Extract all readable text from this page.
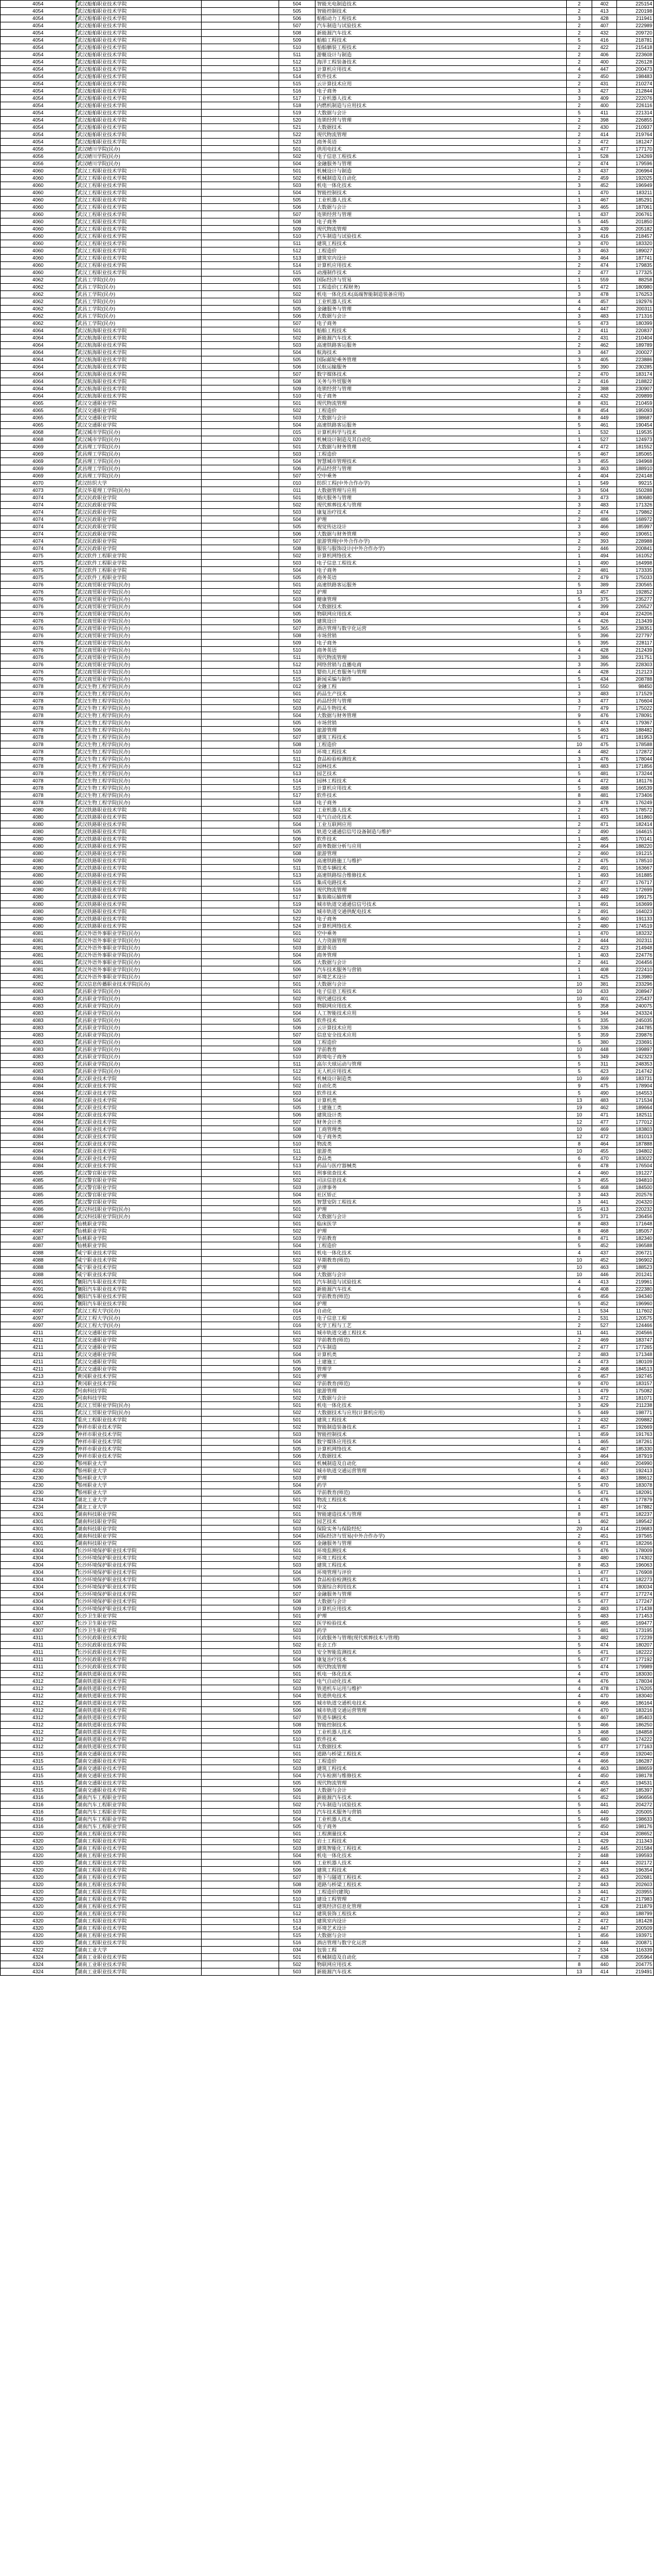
4054	武汉船舶职业技术学院		504	智能光电制造技术	2	402	225154
4054	武汉船舶职业技术学院		505	智能控制技术	2	413	220198
4054	武汉船舶职业技术学院		506	船舶动力工程技术	3	428	211941
4054	武汉船舶职业技术学院		507	汽车制造与试验技术	2	407	222989
4054	武汉船舶职业技术学院		508	新能源汽车技术	2	432	209720
4054	武汉船舶职业技术学院		509	船舶工程技术	5	416	218781
4054	武汉船舶职业技术学院		510	船舶舾装工程技术	2	422	215418
4054	武汉船舶职业技术学院		511	游艇设计与制造	2	406	223608
4054	武汉船舶职业技术学院		512	海洋工程装备技术	2	400	226128
4054	武汉船舶职业技术学院		513	计算机应用技术	4	447	200473
4054	武汉船舶职业技术学院		514	软件技术	2	450	198483
4054	武汉船舶职业技术学院		515	云计算技术应用	2	431	210274
4054	武汉船舶职业技术学院		516	电子商务	3	427	212844
4054	武汉船舶职业技术学院		517	工业机器人技术	3	409	222076
4054	武汉船舶职业技术学院		518	内燃机制造与应用技术	2	400	226116
4054	武汉船舶职业技术学院		519	大数据与会计	5	411	221314
4054	武汉船舶职业技术学院		520	连锁经营与管理	2	398	226855
4054	武汉船舶职业技术学院		521	大数据技术	2	430	210937
4054	武汉船舶职业技术学院		522	现代物流管理	2	414	219764
4054	武汉船舶职业技术学院		523	商务英语	2	472	181247
4056	武汉晴川学院(民办)		501	供用电技术	3	477	177170
4056	武汉晴川学院(民办)		502	电子信息工程技术	1	528	124269
4056	武汉晴川学院(民办)		504	金融服务与管理	2	474	179596
4060	武汉工程职业技术学院		501	机械设计与制造	3	437	206964
4060	武汉工程职业技术学院		502	机械制造及自动化	2	459	192025
4060	武汉工程职业技术学院		503	机电一体化技术	3	452	196949
4060	武汉工程职业技术学院		504	智能控制技术	1	470	183211
4060	武汉工程职业技术学院		505	工业机器人技术	1	467	185291
4060	武汉工程职业技术学院		506	大数据与会计	3	465	187061
4060	武汉工程职业技术学院		507	连锁经营与管理	1	437	206761
4060	武汉工程职业技术学院		508	电子商务	5	445	201850
4060	武汉工程职业技术学院		509	现代物流管理	3	439	205182
4060	武汉工程职业技术学院		510	汽车制造与试验技术	3	416	218457
4060	武汉工程职业技术学院		511	建筑工程技术	3	470	183320
4060	武汉工程职业技术学院		512	工程造价	3	463	189027
4060	武汉工程职业技术学院		513	建筑室内设计	3	464	187741
4060	武汉工程职业技术学院		514	计算机应用技术	2	474	179835
4060	武汉工程职业技术学院		515	动漫制作技术	2	477	177325
4062	武昌工学院(民办)		005	国际经济与贸易	1	559	88258
4062	武昌工学院(民办)		501	工程造价(工程财务)	5	472	180980
4062	武昌工学院(民办)		502	机电一体化技术(高端智能制造装备应用)	3	478	176253
4062	武昌工学院(民办)		503	工业机器人技术	4	457	192976
4062	武昌工学院(民办)		505	金融服务与管理	4	447	200311
4062	武昌工学院(民办)		506	大数据与会计	3	483	171316
4062	武昌工学院(民办)		507	电子商务	5	473	180399
4064	武汉航海职业技术学院		501	船舶工程技术	2	411	220837
4064	武汉航海职业技术学院		502	新能源汽车技术	2	431	210404
4064	武汉航海职业技术学院		503	高速铁路客运服务	2	462	189789
4064	武汉航海职业技术学院		504	航海技术	3	447	200027
4064	武汉航海职业技术学院		505	国际邮轮乘务管理	3	405	223886
4064	武汉航海职业技术学院		506	民航运输服务	5	390	230285
4064	武汉航海职业技术学院		507	数字媒体技术	2	470	183174
4064	武汉航海职业技术学院		508	关务与外贸服务	2	416	218822
4064	武汉航海职业技术学院		509	连锁经营与管理	2	388	230907
4064	武汉航海职业技术学院		510	电子商务	2	432	209899
4065	武汉交通职业学院		501	现代物流管理	8	431	210459
4065	武汉交通职业学院		502	工程造价	8	454	195093
4065	武汉交通职业学院		503	大数据与会计	8	449	198687
4065	武汉交通职业学院		504	高速铁路客运服务	5	461	190454
4068	武汉城市学院(民办)		015	计算机科学与技术	1	532	119535
4068	武汉城市学院(民办)		020	机械设计制造及其自动化	1	527	124973
4069	武昌理工学院(民办)		501	大数据与财务管理	4	472	181552
4069	武昌理工学院(民办)		503	工程造价	5	467	185065
4069	武昌理工学院(民办)		504	智慧城市管理技术	3	455	194968
4069	武昌理工学院(民办)		506	药品经营与管理	3	463	188910
4069	武昌理工学院(民办)		507	空中乘务	4	404	224148
4070	武汉纺织大学		010	纺织工程(中外合作办学)	1	549	99215
4073	武汉华夏理工学院(民办)		011	大数据管理与应用	3	504	150288
4074	武汉民政职业学院		501	婚庆服务与管理	3	473	180680
4074	武汉民政职业学院		502	现代殡葬技术与管理	3	483	171326
4074	武汉民政职业学院		503	康复治疗技术	2	474	179862
4074	武汉民政职业学院		504	护理	2	486	168972
4074	武汉民政职业学院		505	视觉传达设计	3	466	185997
4074	武汉民政职业学院		506	大数据与财务管理	3	460	190651
4074	武汉民政职业学院		507	旅游管理(中外合作办学)	2	393	228988
4074	武汉民政职业学院		508	服装与服饰设计(中外合作办学)	2	446	200841
4075	武汉软件工程职业学院		502	计算机网络技术	1	494	161052
4075	武汉软件工程职业学院		503	电子信息工程技术	1	490	164998
4075	武汉软件工程职业学院		504	电子商务	2	481	173335
4075	武汉软件工程职业学院		505	商务英语	2	479	175033
4076	武汉商贸职业学院(民办)		501	高速铁路客运服务	5	389	230565
4076	武汉商贸职业学院(民办)		502	护理	13	457	192852
4076	武汉商贸职业学院(民办)		503	健康管理	5	375	235277
4076	武汉商贸职业学院(民办)		504	大数据技术	4	399	226527
4076	武汉商贸职业学院(民办)		505	物联网应用技术	3	404	224206
4076	武汉商贸职业学院(民办)		506	建筑设计	4	426	213439
4076	武汉商贸职业学院(民办)		507	酒店管理与数字化运营	5	365	238351
4076	武汉商贸职业学院(民办)		508	市场营销	5	396	227797
4076	武汉商贸职业学院(民办)		509	电子商务	5	395	228117
4076	武汉商贸职业学院(民办)		510	商务英语	4	428	212439
4076	武汉商贸职业学院(民办)		511	现代物流管理	3	386	231751
4076	武汉商贸职业学院(民办)		512	网络营销与直播电商	3	395	228303
4076	武汉商贸职业学院(民办)		513	婴幼儿托育服务与管理	4	428	212123
4076	武汉商贸职业学院(民办)		515	新闻采编与制作	5	434	208788
4078	武汉生物工程学院(民办)		012	金融工程	1	550	98450
4078	武汉生物工程学院(民办)		501	药品生产技术	3	483	171529
4078	武汉生物工程学院(民办)		502	药品经营与管理	3	477	176604
4078	武汉生物工程学院(民办)		503	药品生物技术	7	479	175022
4078	武汉生物工程学院(民办)		504	大数据与财务管理	9	476	178091
4078	武汉生物工程学院(民办)		505	市场营销	5	474	179367
4078	武汉生物工程学院(民办)		506	旅游管理	5	463	188482
4078	武汉生物工程学院(民办)		507	建筑工程技术	5	471	181953
4078	武汉生物工程学院(民办)		508	工程造价	10	475	178588
4078	武汉生物工程学院(民办)		510	环境工程技术	4	482	172872
4078	武汉生物工程学院(民办)		511	食品检验检测技术	3	476	178044
4078	武汉生物工程学院(民办)		512	园林技术	1	483	171856
4078	武汉生物工程学院(民办)		513	园艺技术	5	481	173244
4078	武汉生物工程学院(民办)		514	园林工程技术	4	472	181176
4078	武汉生物工程学院(民办)		515	计算机应用技术	5	488	166539
4078	武汉生物工程学院(民办)		517	软件技术	8	481	173406
4078	武汉生物工程学院(民办)		518	电子商务	3	478	176249
4080	武汉铁路职业技术学院		502	工业机器人技术	2	475	178572
4080	武汉铁路职业技术学院		503	电气自动化技术	1	493	161860
4080	武汉铁路职业技术学院		504	工业互联网应用	2	471	182414
4080	武汉铁路职业技术学院		505	轨道交通通信信号设备制造与维护	2	490	164615
4080	武汉铁路职业技术学院		506	软件技术	1	485	170141
4080	武汉铁路职业技术学院		507	商务数据分析与应用	2	464	188220
4080	武汉铁路职业技术学院		508	旅游管理	2	460	191215
4080	武汉铁路职业技术学院		509	高速铁路施工与维护	2	475	178510
4080	武汉铁路职业技术学院		511	铁道车辆技术	2	491	163667
4080	武汉铁路职业技术学院		513	高速铁路综合维修技术	1	493	161885
4080	武汉铁路职业技术学院		515	集成电路技术	2	477	176717
4080	武汉铁路职业技术学院		516	现代物流管理	2	482	172699
4080	武汉铁路职业技术学院		517	集装箱运输管理	3	449	199175
4080	武汉铁路职业技术学院		519	城市轨道交通通信信号技术	1	491	163699
4080	武汉铁路职业技术学院		520	城市轨道交通供配电技术	2	491	164023
4080	武汉铁路职业技术学院		522	电子商务	5	460	191133
4080	武汉铁路职业技术学院		524	计算机网络技术	2	480	174519
4081	武汉外语外事职业学院(民办)		501	空中乘务	1	470	183232
4081	武汉外语外事职业学院(民办)		502	人力资源管理	2	444	202311
4081	武汉外语外事职业学院(民办)		503	旅游英语	2	423	214948
4081	武汉外语外事职业学院(民办)		504	商务管理	1	403	224776
4081	武汉外语外事职业学院(民办)		505	大数据与会计	2	441	204456
4081	武汉外语外事职业学院(民办)		506	汽车技术服务与营销	1	408	222410
4081	武汉外语外事职业学院(民办)		507	环境艺术设计	1	425	213980
4082	武汉信息传播职业技术学院(民办)		501	大数据与会计	10	381	233296
4083	武昌职业学院(民办)		501	电子信息工程技术	10	433	208947
4083	武昌职业学院(民办)		502	现代通信技术	10	401	225437
4083	武昌职业学院(民办)		503	物联网应用技术	5	358	240075
4083	武昌职业学院(民办)		504	人工智能技术应用	5	344	243324
4083	武昌职业学院(民办)		505	软件技术	5	335	245035
4083	武昌职业学院(民办)		506	云计算技术应用	5	336	244785
4083	武昌职业学院(民办)		507	信息安全技术应用	5	359	239876
4083	武昌职业学院(民办)		508	工程造价	5	380	233691
4083	武昌职业学院(民办)		509	学前教育	10	448	199897
4083	武昌职业学院(民办)		510	跨境电子商务	5	349	242323
4083	武昌职业学院(民办)		511	高尔夫球运动与管理	5	311	248353
4083	武昌职业学院(民办)		512	无人机应用技术	5	423	214742
4084	武汉职业技术学院		501	机械设计制造类	10	469	183731
4084	武汉职业技术学院		502	自动化类	9	475	178904
4084	武汉职业技术学院		503	软件技术	5	490	164553
4084	武汉职业技术学院		504	计算机类	13	483	171534
4084	武汉职业技术学院		505	土建施工类	19	462	189664
4084	武汉职业技术学院		506	建筑设计类	10	471	182511
4084	武汉职业技术学院		507	财务会计类	12	477	177012
4084	武汉职业技术学院		508	工商管理类	10	469	183803
4084	武汉职业技术学院		509	电子商务类	12	472	181013
4084	武汉职业技术学院		510	物流类	8	464	187888
4084	武汉职业技术学院		511	旅游类	10	455	194802
4084	武汉职业技术学院		512	食品类	6	470	183022
4084	武汉职业技术学院		513	药品与医疗器械类	6	478	176504
4085	武汉警官职业学院		501	刑事侦查技术	4	460	191227
4085	武汉警官职业学院		502	司法信息技术	3	455	194810
4085	武汉警官职业学院		503	法律事务	5	468	184500
4085	武汉警官职业学院		504	社区矫正	3	443	202576
4085	武汉警官职业学院		505	智慧安防工程技术	3	441	204320
4086	武汉科技职业学院(民办)		501	护理	15	413	220232
4086	武汉科技职业学院(民办)		502	大数据与会计	5	371	236456
4087	仙桃职业学院		501	临床医学	8	483	171648
4087	仙桃职业学院		502	护理	8	468	185057
4087	仙桃职业学院		503	学前教育	8	471	182340
4087	仙桃职业学院		504	工程造价	5	452	196588
4088	咸宁职业技术学院		501	机电一体化技术	4	437	206721
4088	咸宁职业技术学院		502	早期教育(师范)	10	452	196902
4088	咸宁职业技术学院		503	护理	10	463	188523
4088	咸宁职业技术学院		504	大数据与会计	10	446	201241
4091	襄阳汽车职业技术学院		501	汽车制造与试验技术	4	413	219961
4091	襄阳汽车职业技术学院		502	新能源汽车技术	4	408	222380
4091	襄阳汽车职业技术学院		503	学前教育(师范)	6	456	194340
4091	襄阳汽车职业技术学院		504	护理	5	452	196960
4097	武汉工程大学(民办)		014	自动化	1	534	117602
4097	武汉工程大学(民办)		015	电子信息工程	2	531	120575
4097	武汉工程大学(民办)		016	化学工程与工艺	2	527	124466
4211	武汉交通职业学院		501	城市轨道交通工程技术	11	441	204566
4211	武汉交通职业学院		502	学前教育(师范)	2	469	183747
4211	武汉交通职业学院		503	汽车制造	2	477	177265
4211	武汉交通职业学院		504	计算机类	2	483	171348
4211	武汉交通职业学院		505	土建施工	4	473	180109
4211	武汉交通职业学院		506	管理学	2	468	184513
4213	黄冈职业技术学院		501	护理	6	457	192745
4213	黄冈职业技术学院		502	学前教育(师范)	9	470	183157
4220	河南科技学院		501	旅游管理	1	479	175082
4220	河南科技学院		502	大数据与会计	3	472	181071
4231	武汉工贸职业学院(民办)		501	机电一体化技术	3	429	211238
4231	武汉工贸职业学院(民办)		502	大数据技术与应用(计算机应用)	5	449	198771
4231	重庆工程职业技术学院		501	建筑工程技术	2	432	209882
4229	钟祥市职业技术学院		502	智能制造装备技术	1	457	192669
4229	钟祥市职业技术学院		503	智能控制技术	1	459	191763
4229	钟祥市职业技术学院		504	数字媒体应用技术	1	465	187261
4229	钟祥市职业技术学院		505	计算机网络技术	4	467	185330
4229	钟祥市职业技术学院		506	大数据技术	3	464	187919
4230	鄂州职业大学		501	机械制造及自动化	4	440	204990
4230	鄂州职业大学		502	城市轨道交通运营管理	5	457	192413
4230	鄂州职业大学		503	护理	4	463	188612
4230	鄂州职业大学		504	药学	5	470	183078
4230	鄂州职业大学		505	学前教育(师范)	5	471	182091
4234	湖北工业大学		501	物流工程技术	4	476	177879
4234	湖北工业大学		502	中文	1	487	167882
4301	湖南科技职业学院		501	智能建造技术与管理	8	471	182237
4301	湖南科技职业学院		502	园艺技术	1	462	189542
4301	湖南科技职业学院		503	保险实务与保险经纪	20	414	219683
4301	湖南科技职业学院		504	国际经济与贸易(中外合作办学)	2	451	197565
4301	湖南科技职业学院		505	金融服务与管理	6	471	182266
4304	长沙环境保护职业技术学院		501	环境监测技术	5	476	178009
4304	长沙环境保护职业技术学院		502	环境工程技术	3	480	174302
4304	长沙环境保护职业技术学院		503	建筑工程技术	8	453	196063
4304	长沙环境保护职业技术学院		504	环境管理与评价	1	477	176908
4304	长沙环境保护职业技术学院		505	食品检验检测技术	1	471	182273
4304	长沙环境保护职业技术学院		506	资源综合利用技术	1	474	180034
4304	长沙环境保护职业技术学院		507	金融服务与管理	5	477	177274
4304	长沙环境保护职业技术学院		508	大数据与会计	5	477	177247
4304	长沙环境保护职业技术学院		509	计算机应用技术	2	483	171438
4307	长沙卫生职业学院		501	护理	5	483	171453
4307	长沙卫生职业学院		502	医学检验技术	5	485	169477
4307	长沙卫生职业学院		503	药学	5	481	173195
4311	长沙民政职业技术学院		501	民政服务与管理(现代殡葬技术与管理)	3	482	172239
4311	长沙民政职业技术学院		502	社会工作	5	474	180207
4311	长沙民政职业技术学院		503	安全智能监测技术	5	471	182222
4311	长沙民政职业技术学院		504	康复治疗技术	5	477	177192
4311	长沙民政职业技术学院		505	现代物流管理	5	474	179989
4312	湖南铁道职业技术学院		501	机电一体化技术	4	470	183030
4312	湖南铁道职业技术学院		502	电气自动化技术	4	476	178034
4312	湖南铁道职业技术学院		503	铁道机车运用与维护	4	478	176205
4312	湖南铁道职业技术学院		504	铁道供电技术	4	470	183040
4312	湖南铁道职业技术学院		505	城市轨道交通机电技术	6	466	186164
4312	湖南铁道职业技术学院		506	城市轨道交通运营管理	4	470	183216
4312	湖南铁道职业技术学院		507	铁道车辆技术	6	467	185403
4312	湖南铁道职业技术学院		508	智能控制技术	5	466	186250
4312	湖南铁道职业技术学院		509	工业机器人技术	3	468	184858
4312	湖南铁道职业技术学院		510	软件技术	5	480	174222
4312	湖南铁道职业技术学院		511	大数据技术	5	477	177163
4315	湖南交通职业技术学院		501	道路与桥梁工程技术	4	459	192040
4315	湖南交通职业技术学院		502	工程造价	4	466	186287
4315	湖南交通职业技术学院		503	建筑工程技术	4	463	188659
4315	湖南交通职业技术学院		504	汽车检测与维修技术	4	450	198178
4315	湖南交通职业技术学院		505	现代物流管理	4	455	194531
4315	湖南交通职业技术学院		506	大数据与会计	4	467	185397
4316	湖南汽车工程职业学院		501	新能源汽车技术	5	452	196656
4316	湖南汽车工程职业学院		502	汽车制造与试验技术	5	441	204272
4316	湖南汽车工程职业学院		503	汽车技术服务与营销	5	440	205005
4316	湖南汽车工程职业学院		504	工业机器人技术	5	449	198633
4316	湖南汽车工程职业学院		505	电子商务	5	450	198176
4320	湖南工程职业技术学院		501	工程测量技术	2	434	208652
4320	湖南工程职业技术学院		502	岩土工程技术	1	429	211343
4320	湖南工程职业技术学院		503	建筑智能化工程技术	2	445	201584
4320	湖南工程职业技术学院		504	机电一体化技术	2	448	199593
4320	湖南工程职业技术学院		505	工业机器人技术	2	444	202172
4320	湖南工程职业技术学院		506	建筑工程技术	3	453	196354
4320	湖南工程职业技术学院		507	地下与隧道工程技术	2	443	202681
4320	湖南工程职业技术学院		508	道路与桥梁工程技术	2	443	202603
4320	湖南工程职业技术学院		509	工程造价(建筑)	3	441	203955
4320	湖南工程职业技术学院		510	建设工程管理	2	417	217983
4320	湖南工程职业技术学院		511	建筑经济信息化管理	1	428	211879
4320	湖南工程职业技术学院		512	建筑装饰工程技术	2	463	188799
4320	湖南工程职业技术学院		513	建筑室内设计	2	472	181428
4320	湖南工程职业技术学院		514	环境艺术设计	2	447	200509
4320	湖南工程职业技术学院		515	大数据与会计	1	456	193971
4320	湖南工程职业技术学院		516	酒店管理与数字化运营	2	446	200871
4322	湖南工业大学		034	包装工程	2	534	116339
4324	湖南工业职业技术学院		501	机械制造及自动化	7	438	205964
4324	湖南工业职业技术学院		502	物联网应用技术	8	440	204775
4324	湖南工业职业技术学院		503	新能源汽车技术	13	414	219491
